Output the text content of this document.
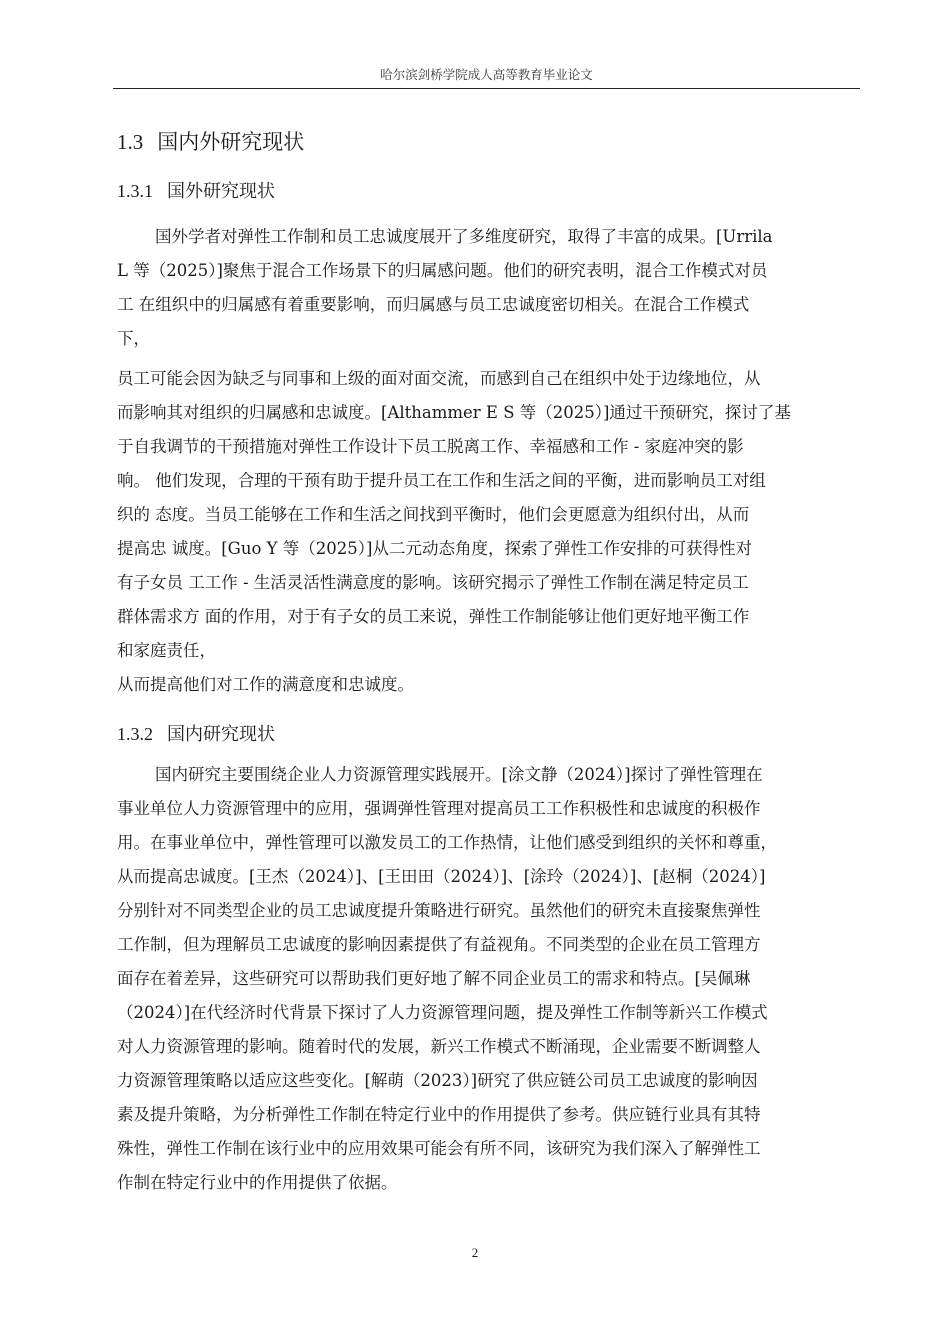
哈尔滨剑桥学院成人高等教育毕业论文
1.3 国内外研究现状
1.3.1 国外研究现状
国外学者对弹性工作制和员工忠诚度展开了多维度研究，取得了丰富的成果。[Urrila
L 等（2025）]聚焦于混合工作场景下的归属感问题。他们的研究表明，混合工作模式对员
工 在组织中的归属感有着重要影响，而归属感与员工忠诚度密切相关。在混合工作模式
下，
员工可能会因为缺乏与同事和上级的面对面交流，而感到自己在组织中处于边缘地位，从
而影响其对组织的归属感和忠诚度。[Althammer E S 等（2025）]通过干预研究，探讨了基
于自我调节的干预措施对弹性工作设计下员工脱离工作、幸福感和工作 - 家庭冲突的影
响。 他们发现，合理的干预有助于提升员工在工作和生活之间的平衡，进而影响员工对组
织的 态度。当员工能够在工作和生活之间找到平衡时，他们会更愿意为组织付出，从而
提高忠 诚度。[Guo Y 等（2025）]从二元动态角度，探索了弹性工作安排的可获得性对
有子女员 工工作 - 生活灵活性满意度的影响。该研究揭示了弹性工作制在满足特定员工
群体需求方 面的作用，对于有子女的员工来说，弹性工作制能够让他们更好地平衡工作
和家庭责任，
从而提高他们对工作的满意度和忠诚度。
1.3.2 国内研究现状
国内研究主要围绕企业人力资源管理实践展开。[涂文静（2024）]探讨了弹性管理在
事业单位人力资源管理中的应用，强调弹性管理对提高员工工作积极性和忠诚度的积极作
用。在事业单位中，弹性管理可以激发员工的工作热情，让他们感受到组织的关怀和尊重，
从而提高忠诚度。[王杰（2024）]、[王田田（2024）]、[涂玲（2024）]、[赵桐（2024）]
分别针对不同类型企业的员工忠诚度提升策略进行研究。虽然他们的研究未直接聚焦弹性
工作制，但为理解员工忠诚度的影响因素提供了有益视角。不同类型的企业在员工管理方
面存在着差异，这些研究可以帮助我们更好地了解不同企业员工的需求和特点。[吴佩琳
（2024）]在代经济时代背景下探讨了人力资源管理问题，提及弹性工作制等新兴工作模式
对人力资源管理的影响。随着时代的发展，新兴工作模式不断涌现，企业需要不断调整人
力资源管理策略以适应这些变化。[解萌（2023）]研究了供应链公司员工忠诚度的影响因
素及提升策略，为分析弹性工作制在特定行业中的作用提供了参考。供应链行业具有其特
殊性，弹性工作制在该行业中的应用效果可能会有所不同，该研究为我们深入了解弹性工
作制在特定行业中的作用提供了依据。
2
